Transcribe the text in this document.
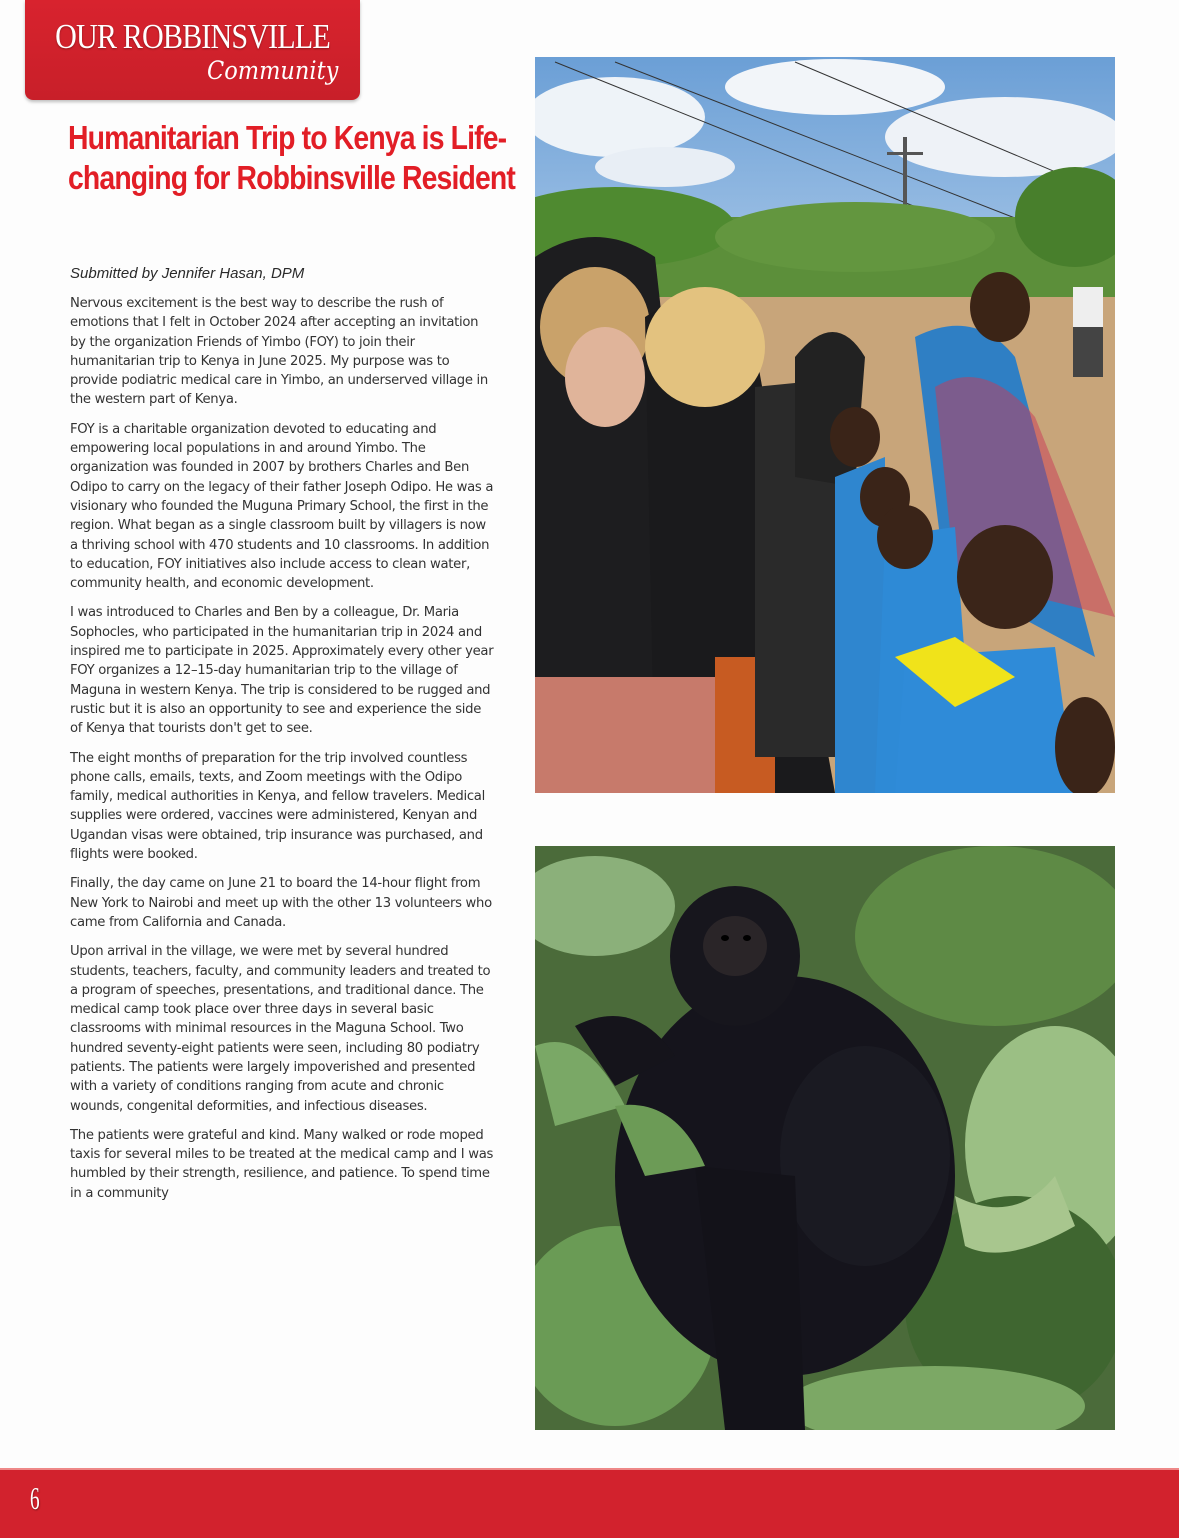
OUR ROBBINSVILLE
Community
Humanitarian Trip to Kenya is Life-changing for Robbinsville Resident
Submitted by Jennifer Hasan, DPM

Nervous excitement is the best way to describe the rush of emotions that I felt in October 2024 after accepting an invitation by the organization Friends of Yimbo (FOY) to join their humanitarian trip to Kenya in June 2025. My purpose was to provide podiatric medical care in Yimbo, an underserved village in the western part of Kenya.

FOY is a charitable organization devoted to educating and empowering local populations in and around Yimbo. The organization was founded in 2007 by brothers Charles and Ben Odipo to carry on the legacy of their father Joseph Odipo. He was a visionary who founded the Muguna Primary School, the first in the region. What began as a single classroom built by villagers is now a thriving school with 470 students and 10 classrooms. In addition to education, FOY initiatives also include access to clean water, community health, and economic development.

I was introduced to Charles and Ben by a colleague, Dr. Maria Sophocles, who participated in the humanitarian trip in 2024 and inspired me to participate in 2025. Approximately every other year FOY organizes a 12–15-day humanitarian trip to the village of Maguna in western Kenya. The trip is considered to be rugged and rustic but it is also an opportunity to see and experience the side of Kenya that tourists don't get to see.

The eight months of preparation for the trip involved countless phone calls, emails, texts, and Zoom meetings with the Odipo family, medical authorities in Kenya, and fellow travelers. Medical supplies were ordered, vaccines were administered, Kenyan and Ugandan visas were obtained, trip insurance was purchased, and flights were booked.

Finally, the day came on June 21 to board the 14-hour flight from New York to Nairobi and meet up with the other 13 volunteers who came from California and Canada.

Upon arrival in the village, we were met by several hundred students, teachers, faculty, and community leaders and treated to a program of speeches, presentations, and traditional dance. The medical camp took place over three days in several basic classrooms with minimal resources in the Maguna School. Two hundred seventy-eight patients were seen, including 80 podiatry patients. The patients were largely impoverished and presented with a variety of conditions ranging from acute and chronic wounds, congenital deformities, and infectious diseases.

The patients were grateful and kind. Many walked or rode moped taxis for several miles to be treated at the medical camp and I was humbled by their strength, resilience, and patience. To spend time in a community

6
